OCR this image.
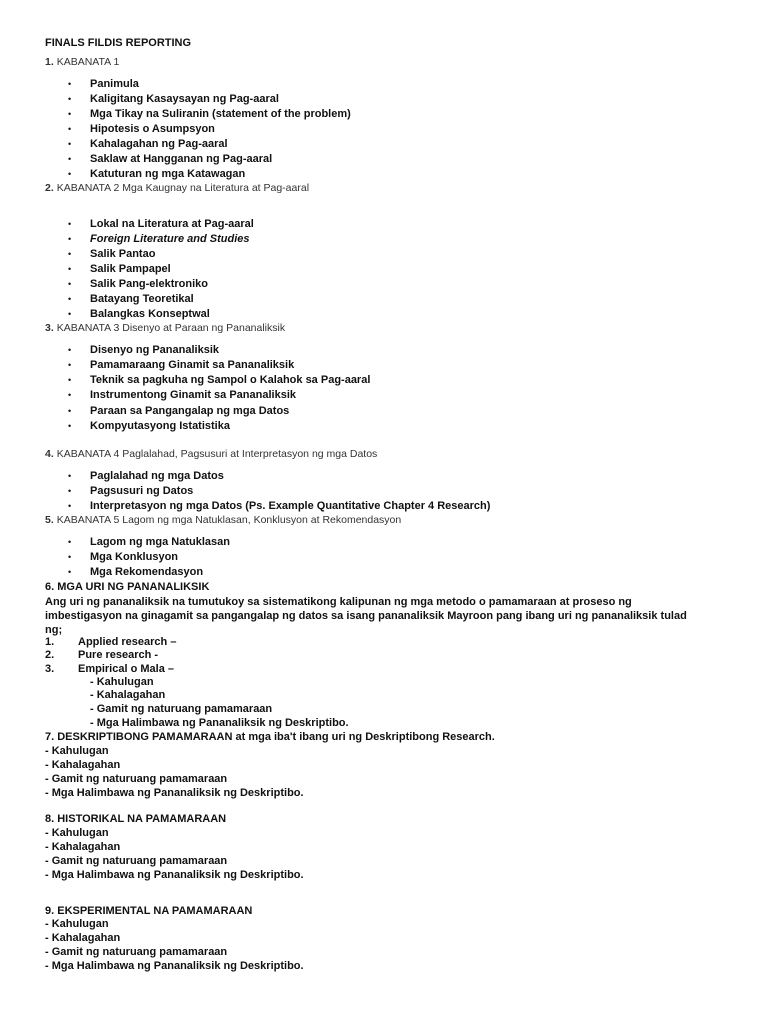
FINALS FILDIS REPORTING
1. KABANATA 1
• Panimula
• Kaligitang Kasaysayan ng Pag-aaral
• Mga Tikay na Suliranin (statement of the problem)
• Hipotesis o Asumpsyon
• Kahalagahan ng Pag-aaral
• Saklaw at Hangganan ng Pag-aaral
• Katuturan ng mga Katawagan
2. KABANATA 2 Mga Kaugnay na Literatura at Pag-aaral
• Lokal na Literatura at Pag-aaral
• Foreign Literature and Studies
• Salik Pantao
• Salik Pampapel
• Salik Pang-elektroniko
• Batayang Teoretikal
• Balangkas Konseptwal
3. KABANATA 3 Disenyo at Paraan ng Pananaliksik
• Disenyo ng Pananaliksik
• Pamamaraang Ginamit sa Pananaliksik
• Teknik sa pagkuha ng Sampol o Kalahok sa Pag-aaral
• Instrumentong Ginamit sa Pananaliksik
• Paraan sa Pangangalap ng mga Datos
• Kompyutasyong Istatistika
4. KABANATA 4 Paglalahad, Pagsusuri at Interpretasyon ng mga Datos
• Paglalahad ng mga Datos
• Pagsusuri ng Datos
• Interpretasyon ng mga Datos (Ps. Example Quantitative Chapter 4 Research)
5. KABANATA 5 Lagom ng mga Natuklasan, Konklusyon at Rekomendasyon
• Lagom ng mga Natuklasan
• Mga Konklusyon
• Mga Rekomendasyon
6. MGA URI NG PANANALIKSIK
Ang uri ng pananaliksik na tumutukoy sa sistematikong kalipunan ng mga metodo o pamamaraan at proseso ng
imbestigasyon na ginagamit sa pangangalap ng datos sa isang pananaliksik Mayroon pang ibang uri ng pananaliksik tulad
ng;
1. Applied research –
2. Pure research -
3. Empirical o Mala –
- Kahulugan
- Kahalagahan
- Gamit ng naturuang pamamaraan
- Mga Halimbawa ng Pananaliksik ng Deskriptibo.
7. DESKRIPTIBONG PAMAMARAAN at mga iba't ibang uri ng Deskriptibong Research.
- Kahulugan
- Kahalagahan
- Gamit ng naturuang pamamaraan
- Mga Halimbawa ng Pananaliksik ng Deskriptibo.
8. HISTORIKAL NA PAMAMARAAN
- Kahulugan
- Kahalagahan
- Gamit ng naturuang pamamaraan
- Mga Halimbawa ng Pananaliksik ng Deskriptibo.
9. EKSPERIMENTAL NA PAMAMARAAN
- Kahulugan
- Kahalagahan
- Gamit ng naturuang pamamaraan
- Mga Halimbawa ng Pananaliksik ng Deskriptibo.
